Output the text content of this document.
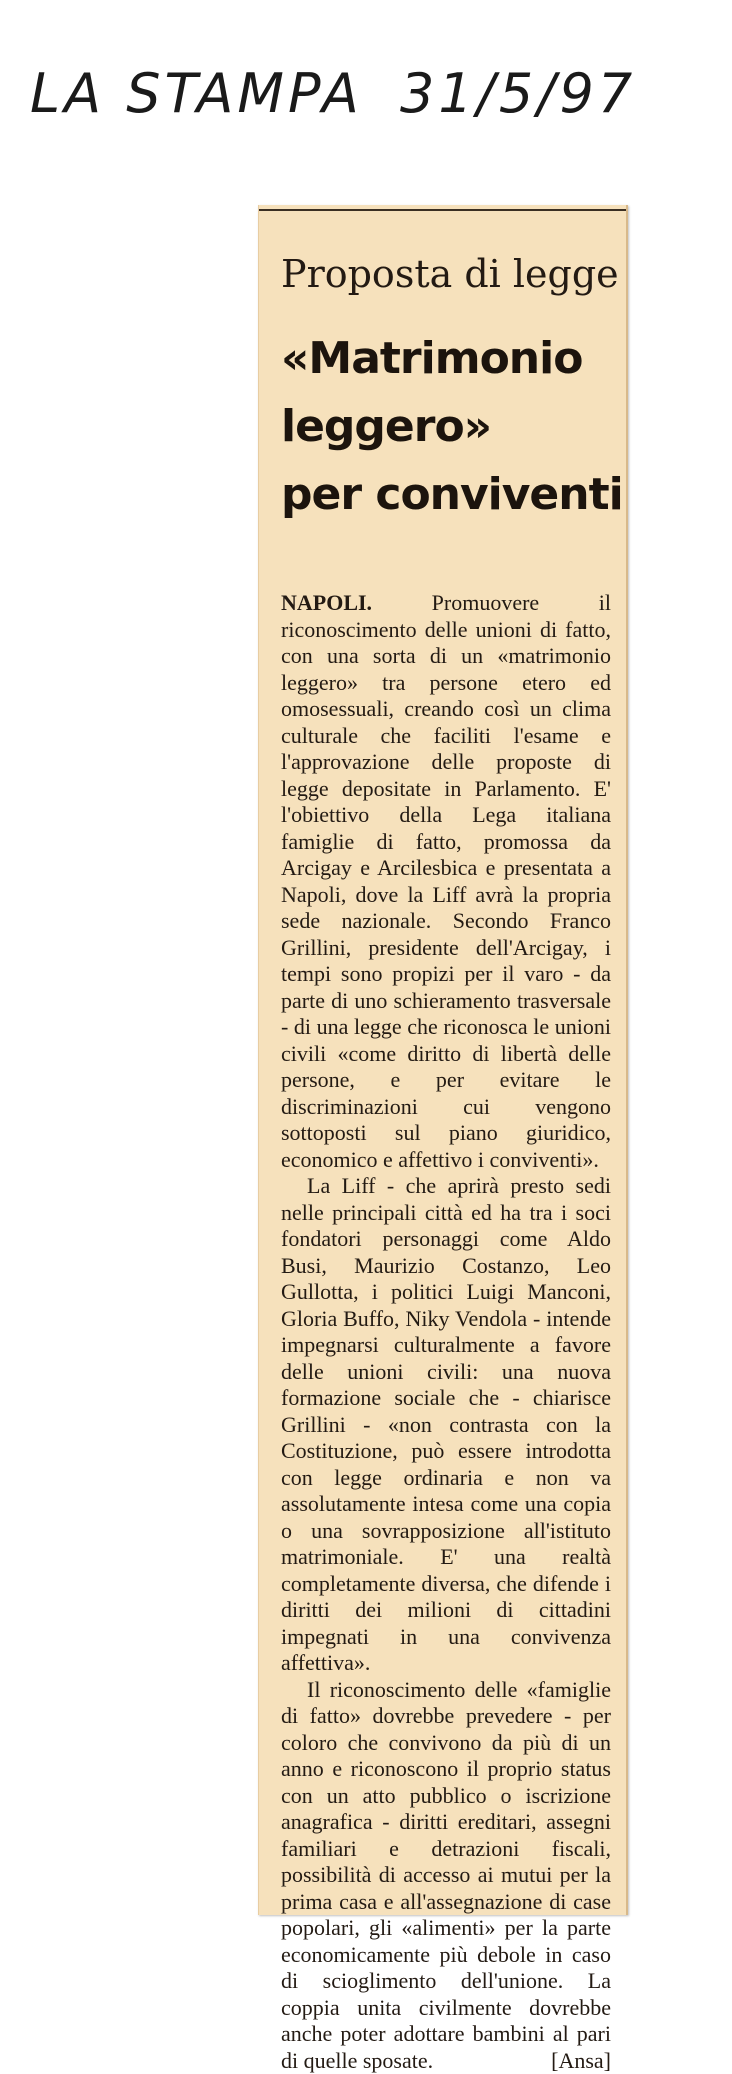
LA STAMPA 31/5/97
Proposta di legge
«Matrimonio
leggero»
per conviventi

NAPOLI.	Promuovere il riconoscimento delle unioni di fatto, con una sorta di un «matrimonio leggero» tra persone etero ed omosessuali, creando così un clima culturale che faciliti l'esame e l'approvazione delle proposte di legge depositate in Parlamento. E' l'obiettivo della Lega italiana famiglie di fatto, promossa da Arcigay e Arcilesbica e presentata a Napoli, dove la Liff avrà la propria sede nazionale. Secondo Franco Grillini, presidente dell'Arcigay, i tempi sono propizi per il varo - da parte di uno schieramento trasversale - di una legge che riconosca le unioni civili «come diritto di libertà delle persone, e per evitare le discriminazioni cui vengono sottoposti sul piano giuridico, economico e affettivo i conviventi».

La Liff - che aprirà presto sedi nelle principali città ed ha tra i soci fondatori personaggi come Aldo Busi, Maurizio Costanzo, Leo Gullotta, i politici Luigi Manconi, Gloria Buffo, Niky Vendola - intende impegnarsi culturalmente a favore delle unioni civili: una nuova formazione sociale che - chiarisce Grillini - «non contrasta con la Costituzione, può essere introdotta con legge ordinaria e non va assolutamente intesa come una copia o una sovrapposizione all'istituto matrimoniale. E' una realtà completamente diversa, che difende i diritti dei milioni di cittadini impegnati in una convivenza affettiva».

Il riconoscimento delle «famiglie di fatto» dovrebbe prevedere - per coloro che convivono da più di un anno e riconoscono il proprio status con un atto pubblico o iscrizione anagrafica - diritti ereditari, assegni familiari e detrazioni fiscali, possibilità di accesso ai mutui per la prima casa e all'assegnazione di case popolari, gli «alimenti» per la parte economicamente più debole in caso di scioglimento dell'unione. La coppia unita civilmente dovrebbe anche poter adottare bambini al pari di quelle sposate.	[Ansa]
